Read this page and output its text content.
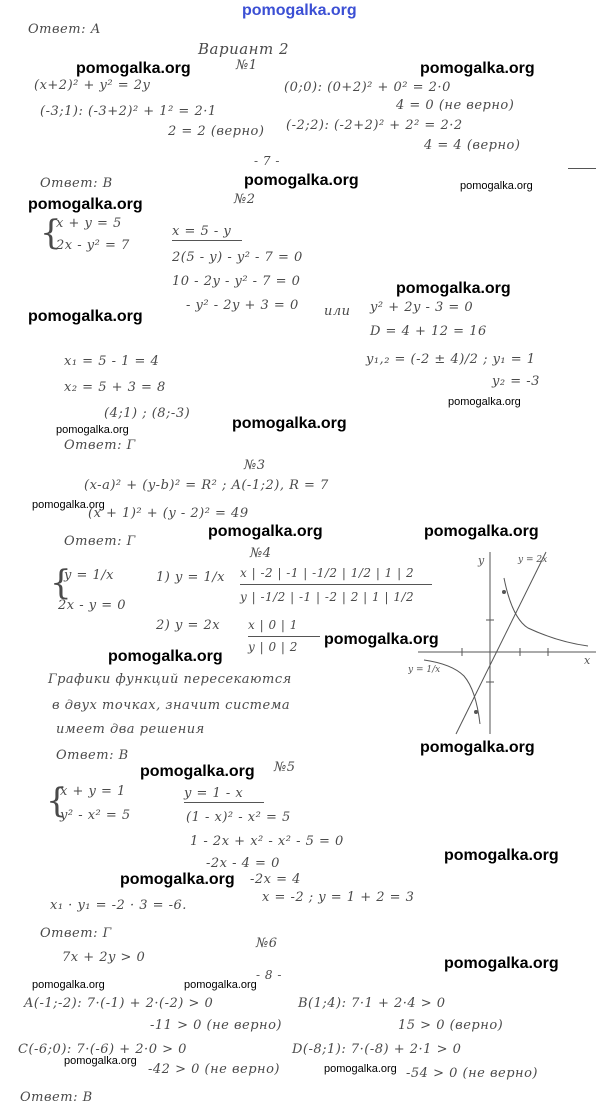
pomogalka.org
pomogalka.org	pomogalka.org
pomogalka.org	pomogalka.org
pomogalka.org
pomogalka.org
pomogalka.org
pomogalka.org
pomogalka.org	pomogalka.org
pomogalka.org
pomogalka.org	pomogalka.org
pomogalka.org
pomogalka.org
pomogalka.org
pomogalka.org
pomogalka.org
pomogalka.org
pomogalka.org
pomogalka.org	pomogalka.org
pomogalka.org
pomogalka.org
Ответ: А
Вариант 2
№1
(x+2)² + y² = 2y
(-3;1): (-3+2)² + 1² = 2·1
2 = 2 (верно)
(0;0): (0+2)² + 0² = 2·0
4 = 0 (не верно)
(-2;2): (-2+2)² + 2² = 2·2
4 = 4 (верно)
- 7 -
Ответ: В
№2
{
x + y = 5
2x - y² = 7
x = 5 - y
2(5 - y) - y² - 7 = 0
10 - 2y - y² - 7 = 0
- y² - 2y + 3 = 0 или y² + 2y - 3 = 0
D = 4 + 12 = 16
y₁,₂ = (-2 ± 4)/2 ; y₁ = 1
y₂ = -3
x₁ = 5 - 1 = 4
x₂ = 5 + 3 = 8
(4;1) ; (8;-3)
Ответ: Г
№3
(x-a)² + (y-b)² = R² ; A(-1;2), R = 7
(x + 1)² + (y - 2)² = 49
Ответ: Г
№4
{
y = 1/x
2x - y = 0
1) y = 1/x x | -2 | -1 | -1/2 | 1/2 | 1 | 2
y | -1/2 | -1 | -2 | 2 | 1 | 1/2
2) y = 2x x | 0 | 1
y | 0 | 2
Графики функций пересекаются
в двух точках, значит система
имеет два решения
Ответ: В
y
x
y = 1/x
y = 2x
№5
{
x + y = 1
y² - x² = 5
y = 1 - x
(1 - x)² - x² = 5
1 - 2x + x² - x² - 5 = 0
-2x - 4 = 0
-2x = 4
x = -2 ; y = 1 + 2 = 3
x₁ · y₁ = -2 · 3 = -6.
Ответ: Г
№6
7x + 2y > 0
- 8 -
A(-1;-2): 7·(-1) + 2·(-2) > 0
-11 > 0 (не верно)
B(1;4): 7·1 + 2·4 > 0
15 > 0 (верно)
C(-6;0): 7·(-6) + 2·0 > 0
-42 > 0 (не верно)
D(-8;1): 7·(-8) + 2·1 > 0
-54 > 0 (не верно)
Ответ: В
